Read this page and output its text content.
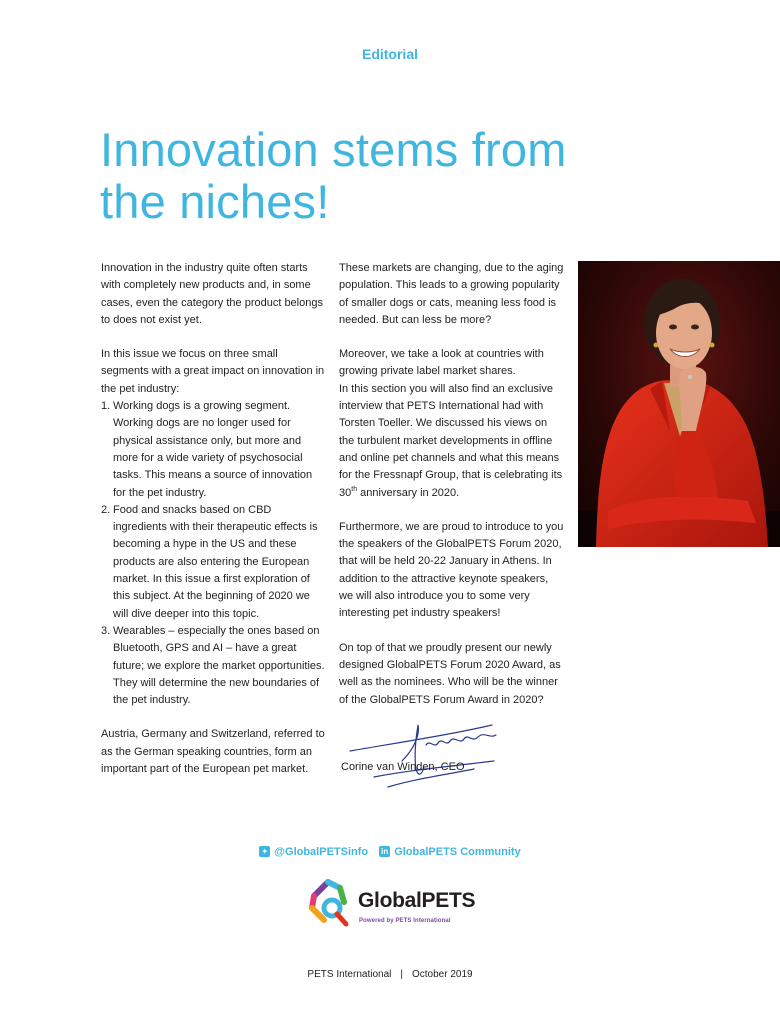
Editorial
Innovation stems from
the niches!

Innovation in the industry quite often starts with completely new products and, in some cases, even the category the product belongs to does not exist yet.

In this issue we focus on three small segments with a great impact on innovation in the pet industry:
1. Working dogs is a growing segment. Working dogs are no longer used for physical assistance only, but more and more for a wide variety of psychosocial tasks. This means a source of innovation for the pet industry.
2. Food and snacks based on CBD ingredients with their therapeutic effects is becoming a hype in the US and these products are also entering the European market. In this issue a first exploration of this subject. At the beginning of 2020 we will dive deeper into this topic.
3. Wearables – especially the ones based on Bluetooth, GPS and AI – have a great future; we explore the market opportunities. They will determine the new boundaries of the pet industry.

Austria, Germany and Switzerland, referred to as the German speaking countries, form an important part of the European pet market.

These markets are changing, due to the aging population. This leads to a growing popularity of smaller dogs or cats, meaning less food is needed. But can less be more?

Moreover, we take a look at countries with growing private label market shares.
In this section you will also find an exclusive interview that PETS International had with Torsten Toeller. We discussed his views on the turbulent market developments in offline and online pet channels and what this means for the Fressnapf Group, that is celebrating its 30th anniversary in 2020.

Furthermore, we are proud to introduce to you the speakers of the GlobalPETS Forum 2020, that will be held 20-22 January in Athens. In addition to the attractive keynote speakers, we will also introduce you to some very interesting pet industry speakers!

On top of that we proudly present our newly designed GlobalPETS Forum 2020 Award, as well as the nominees. Who will be the winner of the GlobalPETS Forum Award in 2020?

Corine van Winden, CEO
✦ @GlobalPETSinfo
in GlobalPETS Community
GlobalPETS
Powered by PETS International
PETS International | October 2019
